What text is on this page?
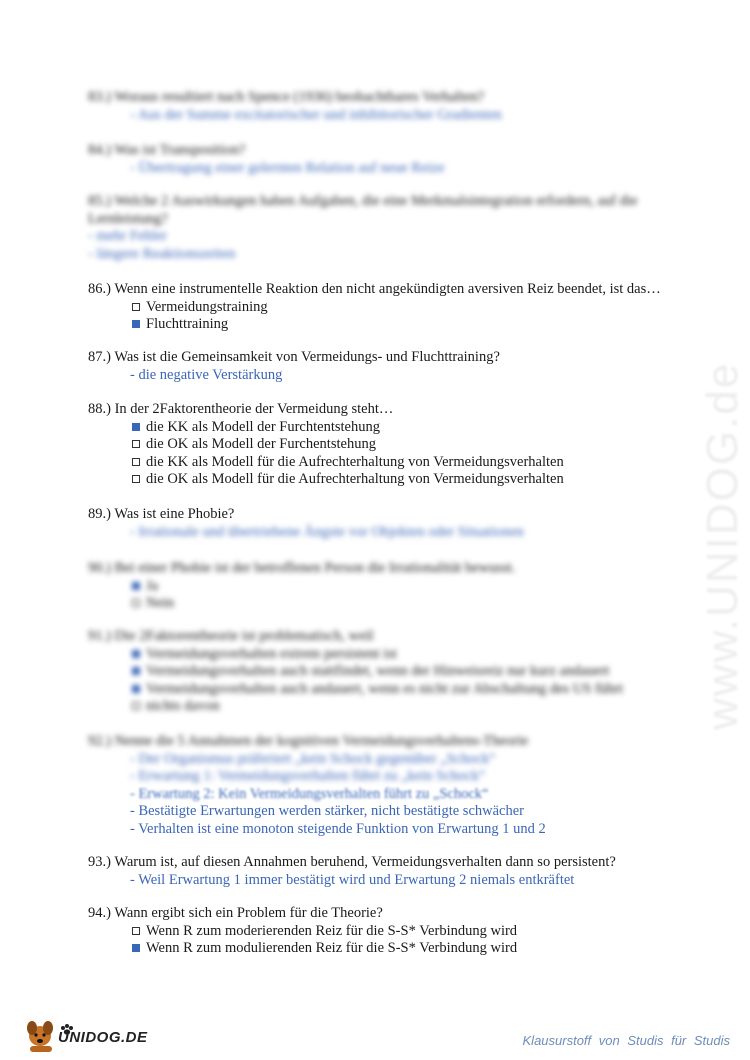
www.UNIDOG.de
83.) Woraus resultiert nach Spence (1936) beobachtbares Verhalten?
- Aus der Summe excitatorischer und inhibitorischer Gradienten
84.) Was ist Transposition?
- Übertragung einer gelernten Relation auf neue Reize
85.) Welche 2 Auswirkungen haben Aufgaben, die eine Merkmalsintegration erfordern, auf die Lernleistung?
- mehr Fehler
- längere Reaktionszeiten
86.) Wenn eine instrumentelle Reaktion den nicht angekündigten aversiven Reiz beendet, ist das…
Vermeidungstraining
Fluchttraining
87.) Was ist die Gemeinsamkeit von Vermeidungs- und Fluchttraining?
- die negative Verstärkung
88.) In der 2Faktorentheorie der Vermeidung steht…
die KK als Modell der Furchtentstehung
die OK als Modell der Furchentstehung
die KK als Modell für die Aufrechterhaltung von Vermeidungsverhalten
die OK als Modell für die Aufrechterhaltung von Vermeidungsverhalten
89.) Was ist eine Phobie?
- Irrationale und übertriebene Ängste vor Objekten oder Situationen
90.) Bei einer Phobie ist der betroffenen Person die Irrationalität bewusst.
Ja
Nein
91.) Die 2Faktorentheorie ist problematisch, weil
Vermeidungsverhalten extrem persistent ist
Vermeidungsverhalten auch stattfindet, wenn der Hinweisreiz nur kurz andauert
Vermeidungsverhalten auch andauert, wenn es nicht zur Abschaltung des US führt
nichts davon
92.) Nenne die 5 Annahmen der kognitiven Vermeidungsverhaltens-Theorie
- Der Organismus präferiert „kein Schock gegenüber „Schock“
- Erwartung 1: Vermeidungsverhalten führt zu „kein Schock“
- Erwartung 2: Kein Vermeidungsverhalten führt zu „Schock“
- Bestätigte Erwartungen werden stärker, nicht bestätigte schwächer
- Verhalten ist eine monoton steigende Funktion von Erwartung 1 und 2
93.) Warum ist, auf diesen Annahmen beruhend, Vermeidungsverhalten dann so persistent?
- Weil Erwartung 1 immer bestätigt wird und Erwartung 2 niemals entkräftet
94.) Wann ergibt sich ein Problem für die Theorie?
Wenn R zum moderierenden Reiz für die S-S* Verbindung wird
Wenn R zum modulierenden Reiz für die S-S* Verbindung wird
UNIDOG.DE	Klausurstoff von Studis für Studis
